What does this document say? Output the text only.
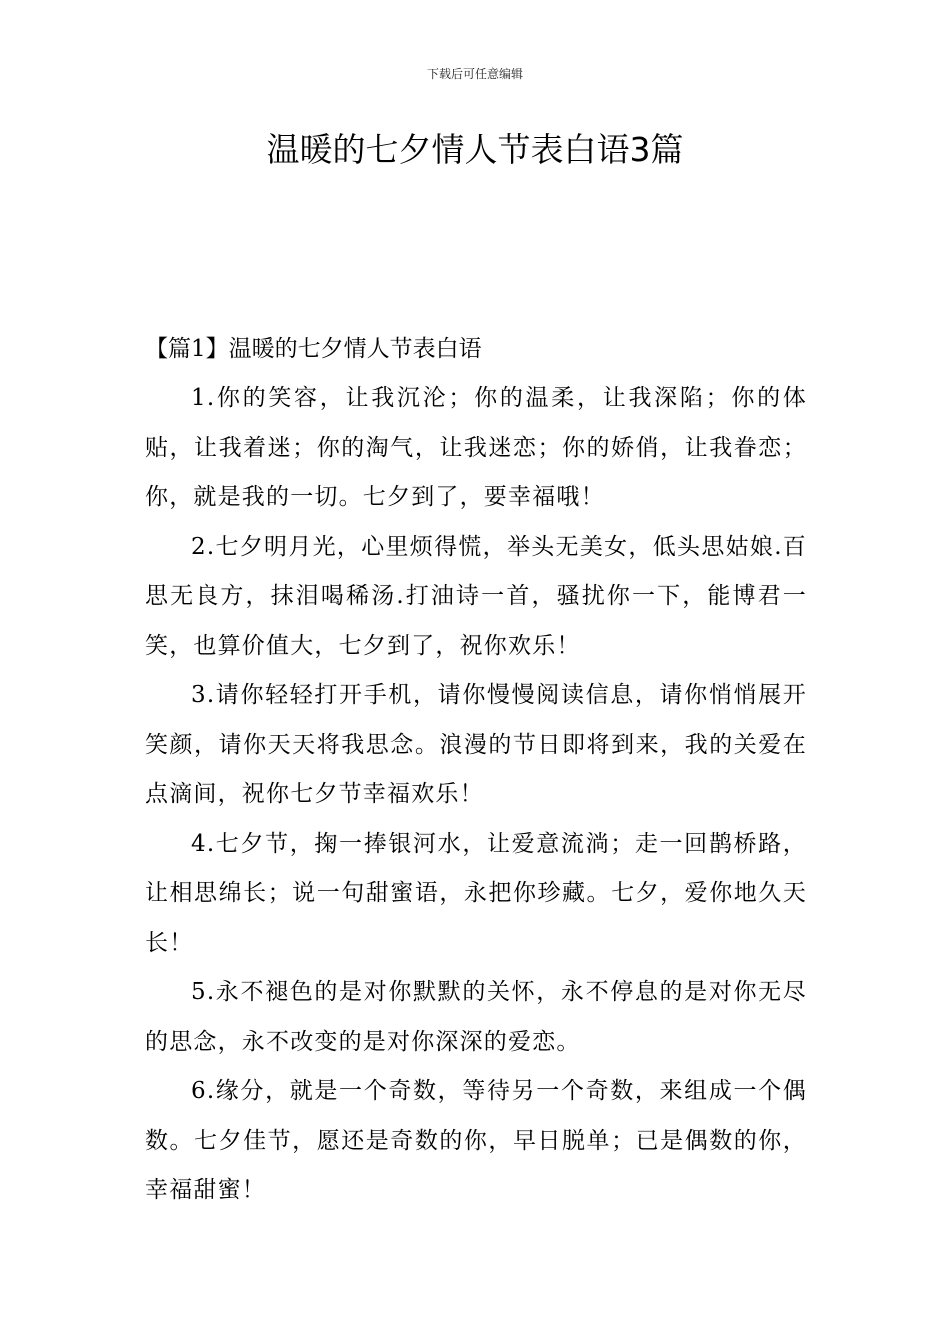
下载后可任意编辑
温暖的七夕情人节表白语3篇
【篇1】温暖的七夕情人节表白语

1.你的笑容，让我沉沦；你的温柔，让我深陷；你的体贴，让我着迷；你的淘气，让我迷恋；你的娇俏，让我眷恋；你，就是我的一切。七夕到了，要幸福哦！

2.七夕明月光，心里烦得慌，举头无美女，低头思姑娘.百思无良方，抹泪喝稀汤.打油诗一首，骚扰你一下，能博君一笑，也算价值大，七夕到了，祝你欢乐！

3.请你轻轻打开手机，请你慢慢阅读信息，请你悄悄展开笑颜，请你天天将我思念。浪漫的节日即将到来，我的关爱在点滴间，祝你七夕节幸福欢乐！

4.七夕节，掬一捧银河水，让爱意流淌；走一回鹊桥路，让相思绵长；说一句甜蜜语，永把你珍藏。七夕，爱你地久天长！

5.永不褪色的是对你默默的关怀，永不停息的是对你无尽的思念，永不改变的是对你深深的爱恋。

6.缘分，就是一个奇数，等待另一个奇数，来组成一个偶数。七夕佳节，愿还是奇数的你，早日脱单；已是偶数的你，幸福甜蜜！
